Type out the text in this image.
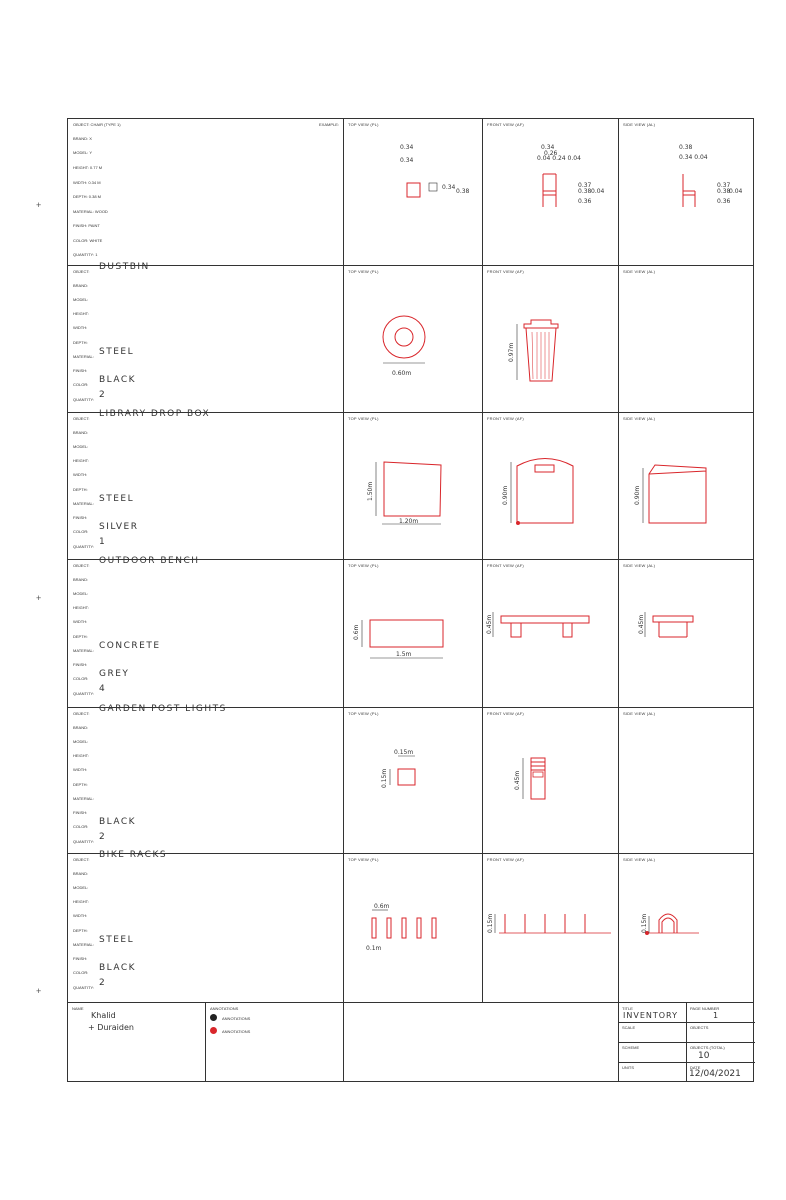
+
+
+
EXAMPLE:
OBJECT: CHAIR (TYPE 1)
BRAND: X
MODEL: Y
HEIGHT: 0.77 M
WIDTH: 0.34 M
DEPTH: 0.38 M
MATERIAL: WOOD
FINISH: PAINT
COLOR: WHITE
QUANTITY: 1
TOP VIEW (PL)
0.34
0.34
0.34
0.38
FRONT VIEW (AF)
0.34
0.26
0.04 0.24 0.04
0.37
0.04
0.38
0.36
SIDE VIEW (AL)
0.38
0.34 0.04
0.37
0.04
0.38
0.36
OBJECT: DUSTBIN
BRAND:
MODEL:
HEIGHT:
WIDTH:
DEPTH:
MATERIAL: STEEL
FINISH:
COLOR: BLACK
QUANTITY: 2
TOP VIEW (PL)
0.60m
FRONT VIEW (AF)
0.97m
SIDE VIEW (AL)
OBJECT: LIBRARY DROP BOX
BRAND:
MODEL:
HEIGHT:
WIDTH:
DEPTH:
MATERIAL: STEEL
FINISH:
COLOR: SILVER
QUANTITY: 1
TOP VIEW (PL)
1.50m
1.20m
FRONT VIEW (AF)
0.90m
SIDE VIEW (AL)
0.90m
OBJECT: OUTDOOR BENCH
BRAND:
MODEL:
HEIGHT:
WIDTH:
DEPTH:
MATERIAL: CONCRETE
FINISH:
COLOR: GREY
QUANTITY: 4
TOP VIEW (PL)
0.6m
1.5m
FRONT VIEW (AF)
0.45m
SIDE VIEW (AL)
0.45m
OBJECT: GARDEN POST LIGHTS
BRAND:
MODEL:
HEIGHT:
WIDTH:
DEPTH:
MATERIAL:
FINISH:
COLOR: BLACK
QUANTITY: 2
TOP VIEW (PL)
0.15m
0.15m
FRONT VIEW (AF)
0.45m
SIDE VIEW (AL)
OBJECT: BIKE RACKS
BRAND:
MODEL:
HEIGHT:
WIDTH:
DEPTH:
MATERIAL: STEEL
FINISH:
COLOR: BLACK
QUANTITY: 2
TOP VIEW (PL)
0.6m
0.1m
FRONT VIEW (AF)
0.15m
SIDE VIEW (AL)
0.15m
NAME
Khalid
+ Duraiden
ANNOTATIONS
ANNOTATIONS
ANNOTATIONS
TITLE
INVENTORY
SCALE
SCHEME
UNITS
PAGE NUMBER
1
OBJECTS
OBJECTS (TOTAL)
10
DATE
12/04/2021
